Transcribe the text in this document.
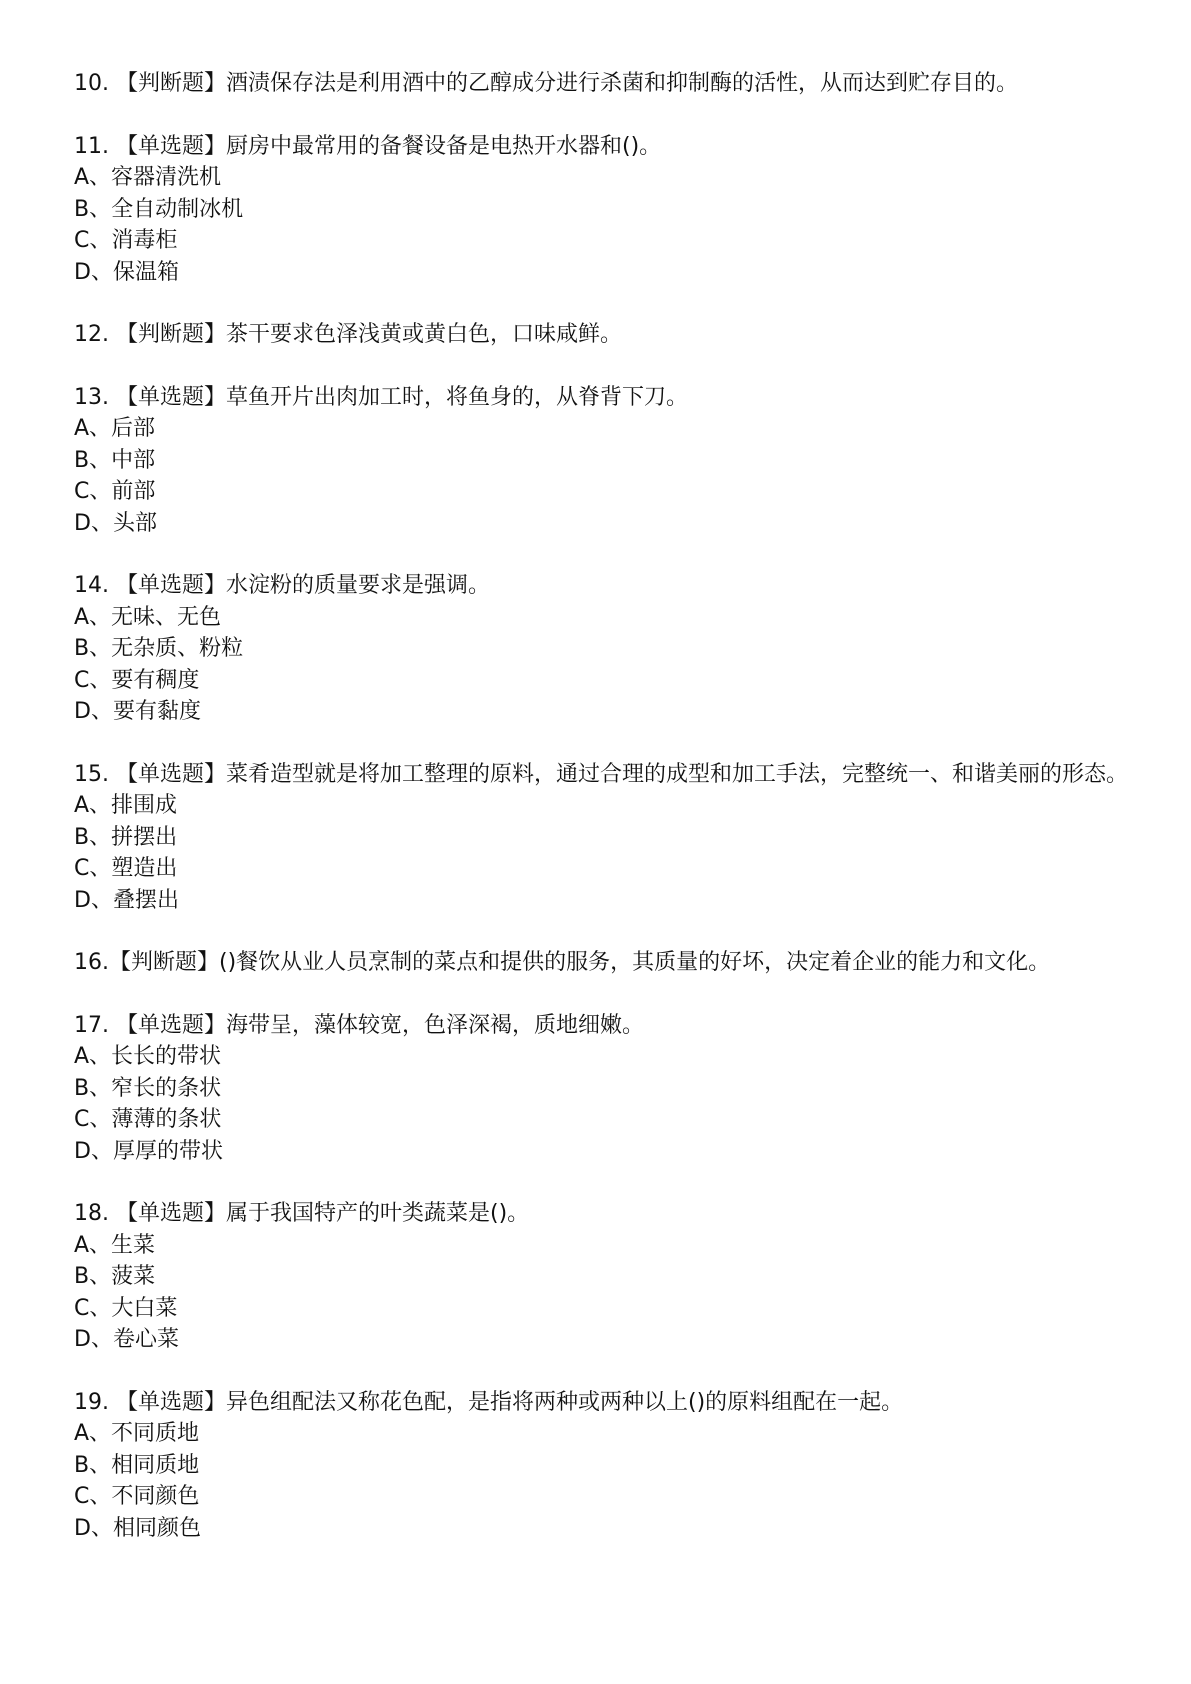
10. 【判断题】酒渍保存法是利用酒中的乙醇成分进行杀菌和抑制酶的活性，从而达到贮存目的。
11. 【单选题】厨房中最常用的备餐设备是电热开水器和()。
A、容器清洗机
B、全自动制冰机
C、消毒柜
D、保温箱
12. 【判断题】茶干要求色泽浅黄或黄白色，口味咸鲜。
13. 【单选题】草鱼开片出肉加工时，将鱼身的，从脊背下刀。
A、后部
B、中部
C、前部
D、头部
14. 【单选题】水淀粉的质量要求是强调。
A、无味、无色
B、无杂质、粉粒
C、要有稠度
D、要有黏度
15. 【单选题】菜肴造型就是将加工整理的原料，通过合理的成型和加工手法，完整统一、和谐美丽的形态。
A、排围成
B、拼摆出
C、塑造出
D、叠摆出
16.【判断题】()餐饮从业人员烹制的菜点和提供的服务，其质量的好坏，决定着企业的能力和文化。
17. 【单选题】海带呈，藻体较宽，色泽深褐，质地细嫩。
A、长长的带状
B、窄长的条状
C、薄薄的条状
D、厚厚的带状
18. 【单选题】属于我国特产的叶类蔬菜是()。
A、生菜
B、菠菜
C、大白菜
D、卷心菜
19. 【单选题】异色组配法又称花色配，是指将两种或两种以上()的原料组配在一起。
A、不同质地
B、相同质地
C、不同颜色
D、相同颜色
